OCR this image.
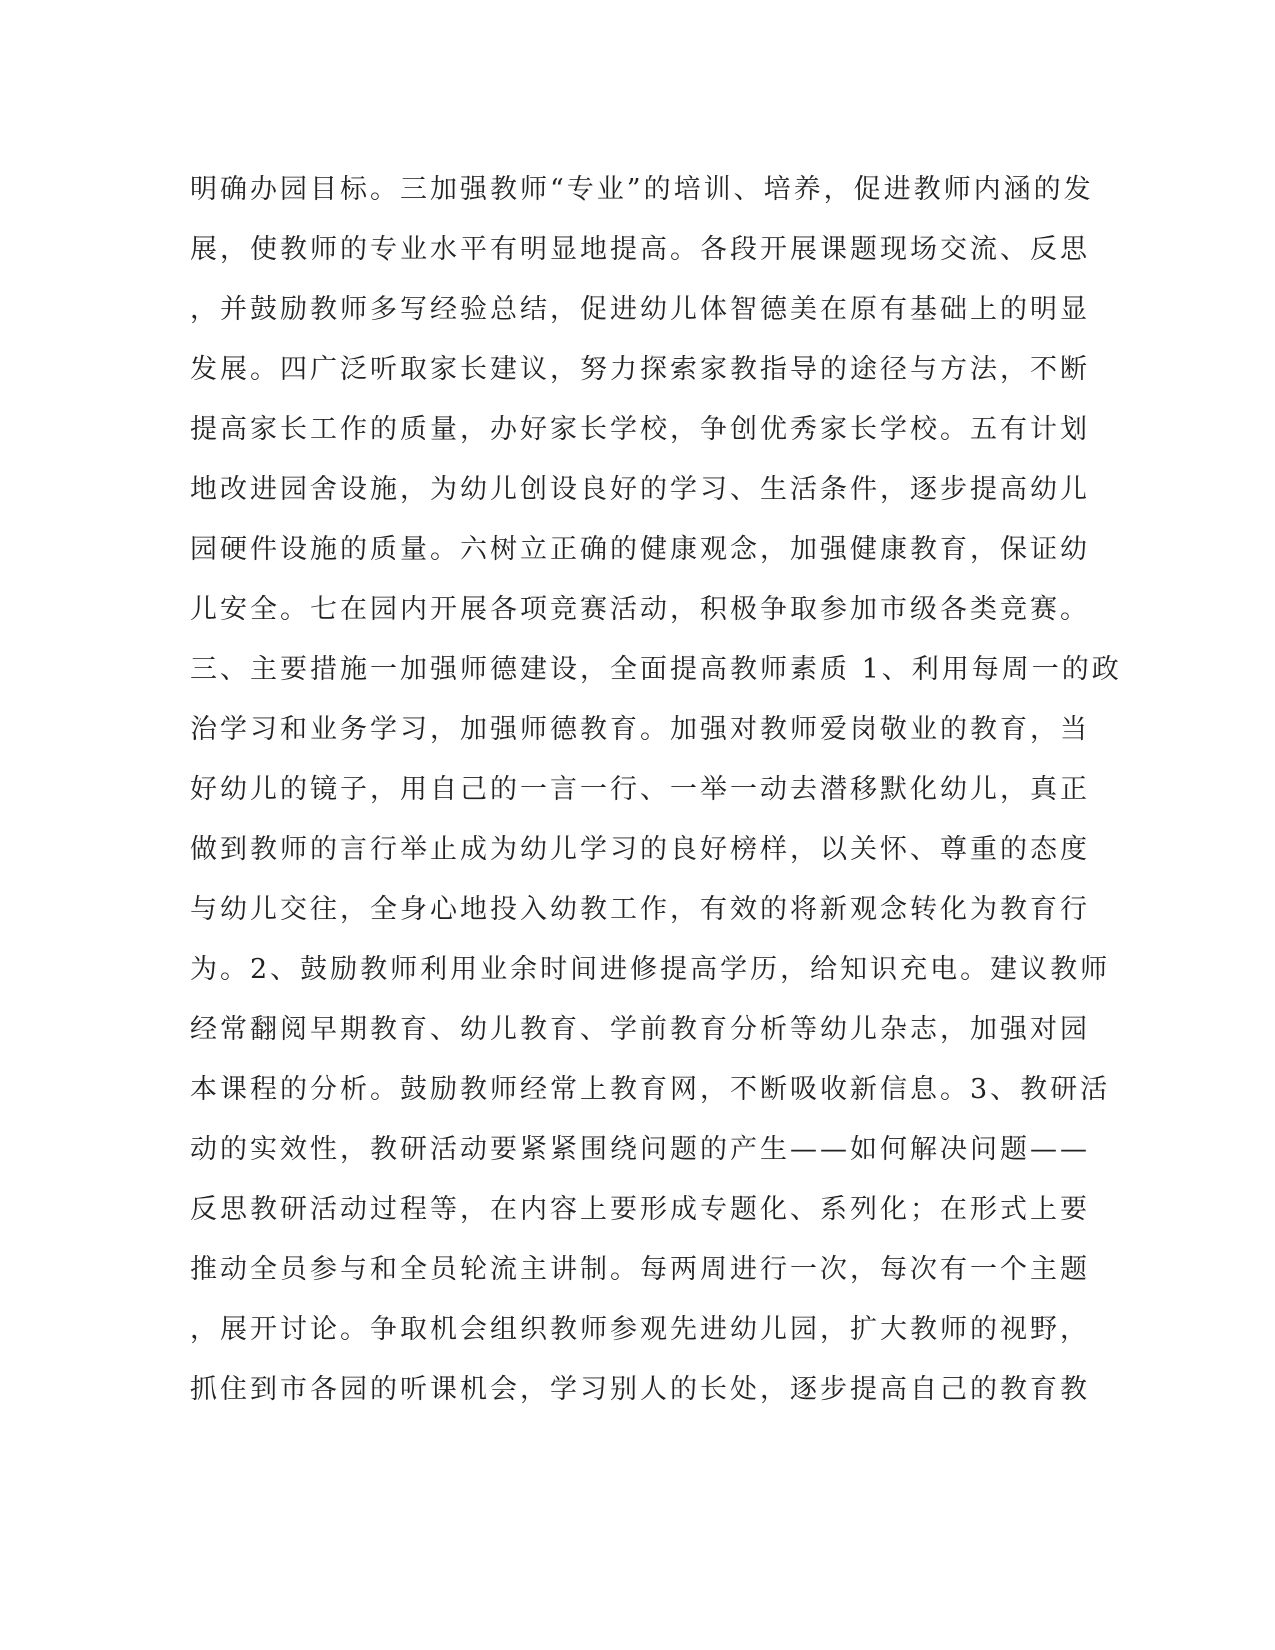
明确办园目标。三加强教师“专业”的培训、培养，促进教师内涵的发
展，使教师的专业水平有明显地提高。各段开展课题现场交流、反思
，并鼓励教师多写经验总结，促进幼儿体智德美在原有基础上的明显
发展。四广泛听取家长建议，努力探索家教指导的途径与方法，不断
提高家长工作的质量，办好家长学校，争创优秀家长学校。五有计划
地改进园舍设施，为幼儿创设良好的学习、生活条件，逐步提高幼儿
园硬件设施的质量。六树立正确的健康观念，加强健康教育，保证幼
儿安全。七在园内开展各项竞赛活动，积极争取参加市级各类竞赛。
三、主要措施一加强师德建设，全面提高教师素质 1、利用每周一的政
治学习和业务学习，加强师德教育。加强对教师爱岗敬业的教育，当
好幼儿的镜子，用自己的一言一行、一举一动去潜移默化幼儿，真正
做到教师的言行举止成为幼儿学习的良好榜样，以关怀、尊重的态度
与幼儿交往，全身心地投入幼教工作，有效的将新观念转化为教育行
为。2、鼓励教师利用业余时间进修提高学历，给知识充电。建议教师
经常翻阅早期教育、幼儿教育、学前教育分析等幼儿杂志，加强对园
本课程的分析。鼓励教师经常上教育网，不断吸收新信息。3、教研活
动的实效性，教研活动要紧紧围绕问题的产生——如何解决问题——
反思教研活动过程等，在内容上要形成专题化、系列化；在形式上要
推动全员参与和全员轮流主讲制。每两周进行一次，每次有一个主题
，展开讨论。争取机会组织教师参观先进幼儿园，扩大教师的视野，
抓住到市各园的听课机会，学习别人的长处，逐步提高自己的教育教
